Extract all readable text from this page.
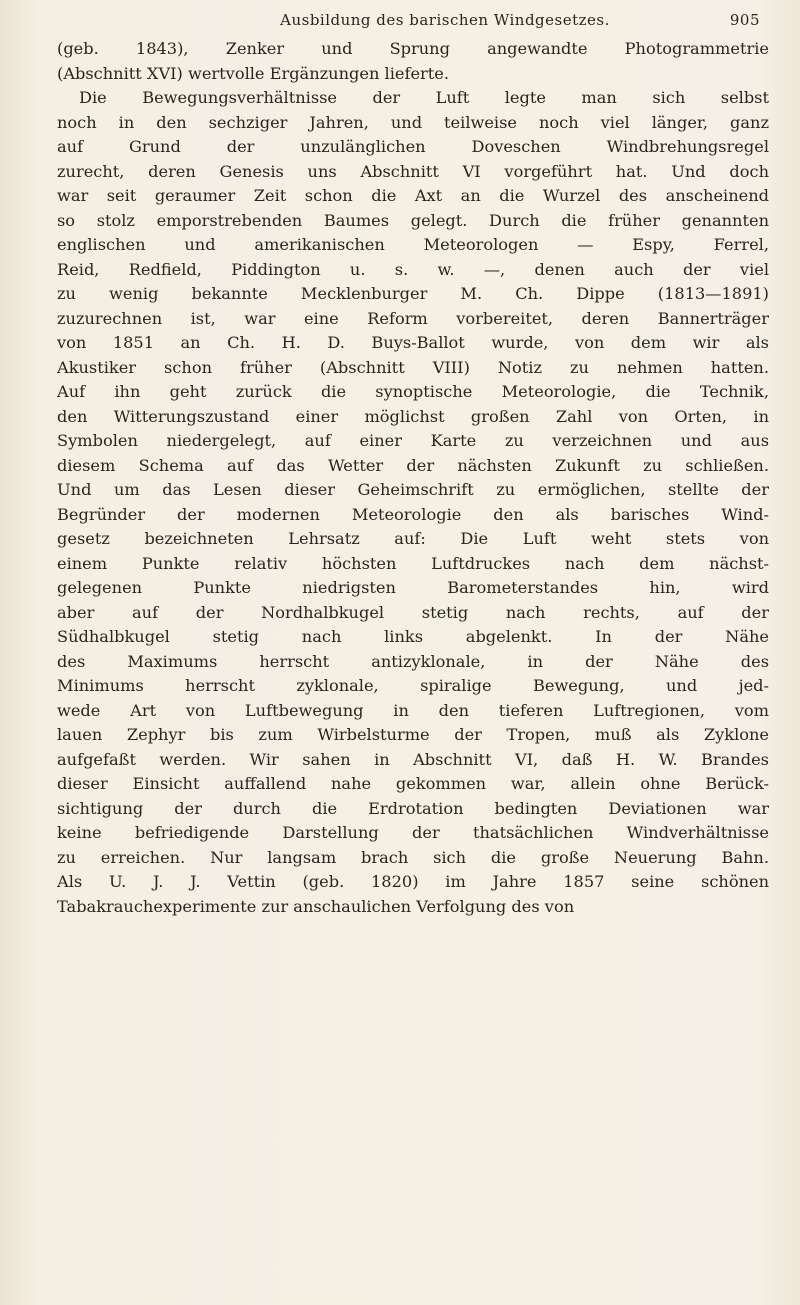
Ausbildung des barischen Windgesetzes.	905
(geb. 1843), Zenker und Sprung angewandte Photogrammetrie
(Abschnitt XVI) wertvolle Ergänzungen lieferte.
Die Bewegungsverhältnisse der Luft legte man sich selbst
noch in den sechziger Jahren, und teilweise noch viel länger, ganz
auf Grund der unzulänglichen Doveschen Windbrehungsregel
zurecht, deren Genesis uns Abschnitt VI vorgeführt hat. Und doch
war seit geraumer Zeit schon die Axt an die Wurzel des anscheinend
so stolz emporstrebenden Baumes gelegt. Durch die früher genannten
englischen und amerikanischen Meteorologen — Espy, Ferrel,
Reid, Redfield, Piddington u. s. w. —, denen auch der viel
zu wenig bekannte Mecklenburger M. Ch. Dippe (1813—1891)
zuzurechnen ist, war eine Reform vorbereitet, deren Bannerträger
von 1851 an Ch. H. D. Buys-Ballot wurde, von dem wir als
Akustiker schon früher (Abschnitt VIII) Notiz zu nehmen hatten.
Auf ihn geht zurück die synoptische Meteorologie, die Technik,
den Witterungszustand einer möglichst großen Zahl von Orten, in
Symbolen niedergelegt, auf einer Karte zu verzeichnen und aus
diesem Schema auf das Wetter der nächsten Zukunft zu schließen.
Und um das Lesen dieser Geheimschrift zu ermöglichen, stellte der
Begründer der modernen Meteorologie den als barisches Wind-
gesetz bezeichneten Lehrsatz auf: Die Luft weht stets von
einem Punkte relativ höchsten Luftdruckes nach dem nächst-
gelegenen Punkte niedrigsten Barometerstandes hin, wird
aber auf der Nordhalbkugel stetig nach rechts, auf der
Südhalbkugel stetig nach links abgelenkt. In der Nähe
des Maximums herrscht antizyklonale, in der Nähe des
Minimums herrscht zyklonale, spiralige Bewegung, und jed-
wede Art von Luftbewegung in den tieferen Luftregionen, vom
lauen Zephyr bis zum Wirbelsturme der Tropen, muß als Zyklone
aufgefaßt werden. Wir sahen in Abschnitt VI, daß H. W. Brandes
dieser Einsicht auffallend nahe gekommen war, allein ohne Berück-
sichtigung der durch die Erdrotation bedingten Deviationen war
keine befriedigende Darstellung der thatsächlichen Windverhältnisse
zu erreichen. Nur langsam brach sich die große Neuerung Bahn.
Als U. J. J. Vettin (geb. 1820) im Jahre 1857 seine schönen
Tabakrauchexperimente zur anschaulichen Verfolgung des von
